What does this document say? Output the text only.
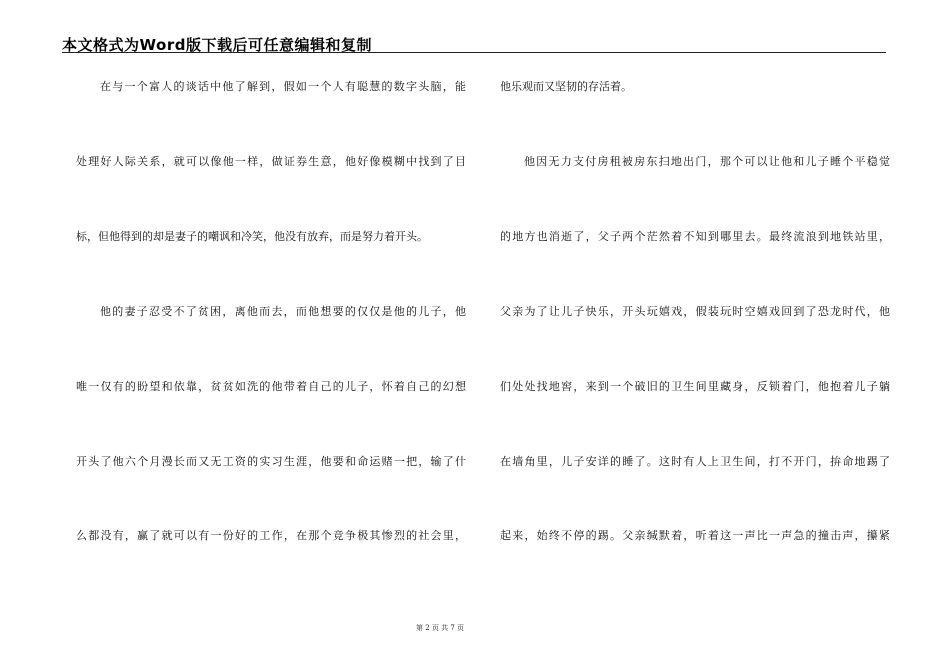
本文格式为Word版下载后可任意编辑和复制
在与一个富人的谈话中他了解到，假如一个人有聪慧的数字头脑，能
处理好人际关系，就可以像他一样，做证券生意，他好像模糊中找到了目
标，但他得到的却是妻子的嘲讽和冷笑，他没有放弃，而是努力着开头。
他的妻子忍受不了贫困，离他而去，而他想要的仅仅是他的儿子，他
唯一仅有的盼望和依靠，贫贫如洗的他带着自己的儿子，怀着自己的幻想
开头了他六个月漫长而又无工资的实习生涯，他要和命运赌一把，输了什
么都没有，赢了就可以有一份好的工作，在那个竞争极其惨烈的社会里，
他乐观而又坚韧的存活着。
他因无力支付房租被房东扫地出门，那个可以让他和儿子睡个平稳觉
的地方也消逝了，父子两个茫然着不知到哪里去。最终流浪到地铁站里，
父亲为了让儿子快乐，开头玩嬉戏，假装玩时空嬉戏回到了恐龙时代，他
们处处找地窖，来到一个破旧的卫生间里藏身，反锁着门，他抱着儿子躺
在墙角里，儿子安详的睡了。这时有人上卫生间，打不开门，拚命地踢了
起来，始终不停的踢。父亲缄默着，听着这一声比一声急的撞击声，攥紧
第 2 页 共 7 页
